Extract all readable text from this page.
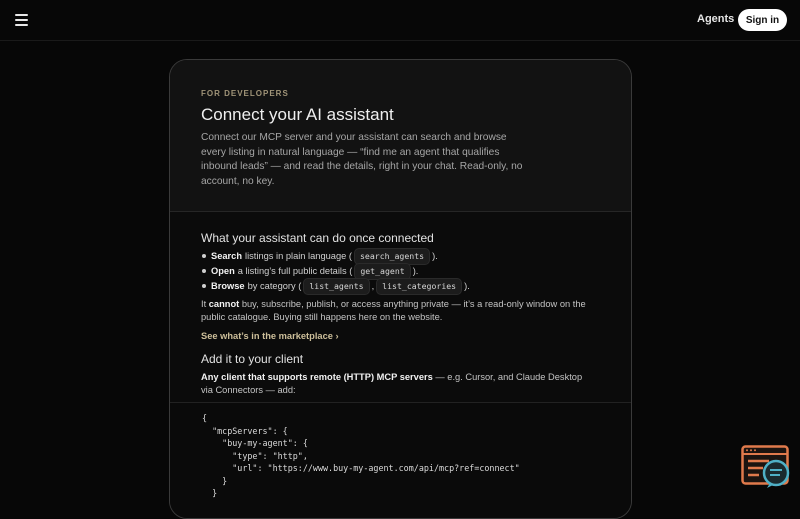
Agents	Sign in
FOR DEVELOPERS
Connect your AI assistant

Connect our MCP server and your assistant can search and browse every listing in natural language — “find me an agent that qualifies inbound leads” — and read the details, right in your chat. Read-only, no account, no key.

What your assistant can do once connected
Search listings in plain language ( search_agents ).
Open a listing’s full public details ( get_agent ).
Browse by category ( list_agents , list_categories ).

It cannot buy, subscribe, publish, or access anything private — it’s a read-only window on the public catalogue. Buying still happens here on the website.

See what’s in the marketplace ›
Add it to your client

Any client that supports remote (HTTP) MCP servers — e.g. Cursor, and Claude Desktop via Connectors — add:

{
"mcpServers": {
"buy-my-agent": {
"type": "http",
"url": "https://www.buy-my-agent.com/api/mcp?ref=connect"
}
}
